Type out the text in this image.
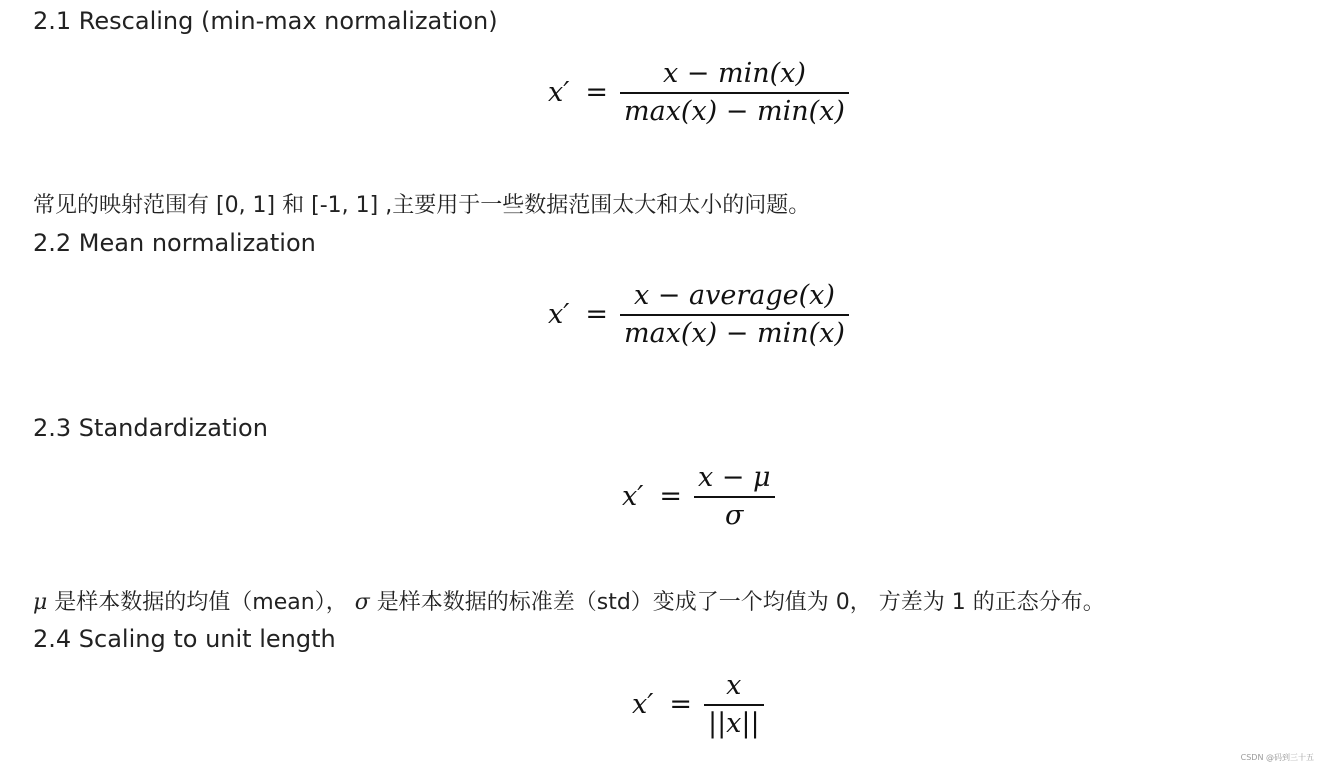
2.1 Rescaling (min-max normalization)
$x' = \frac{x - \min(x)}{\max(x) - \min(x)}$
常见的映射范围有 [0, 1] 和 [-1, 1] ,主要用于一些数据范围太大和太小的问题。
2.2 Mean normalization
$x' = \frac{\text{x − average(x)}}{\max(x) - \min(x)}$
2.3 Standardization
$x' = \frac{x - \mu}{\sigma}$
μ 是样本数据的均值（mean）， σ 是样本数据的标准差（std）变成了一个均值为 0， 方差为 1 的正态分布。
2.4 Scaling to unit length
$x' = \frac{x}{||x||}$
CSDN @码到三十五
